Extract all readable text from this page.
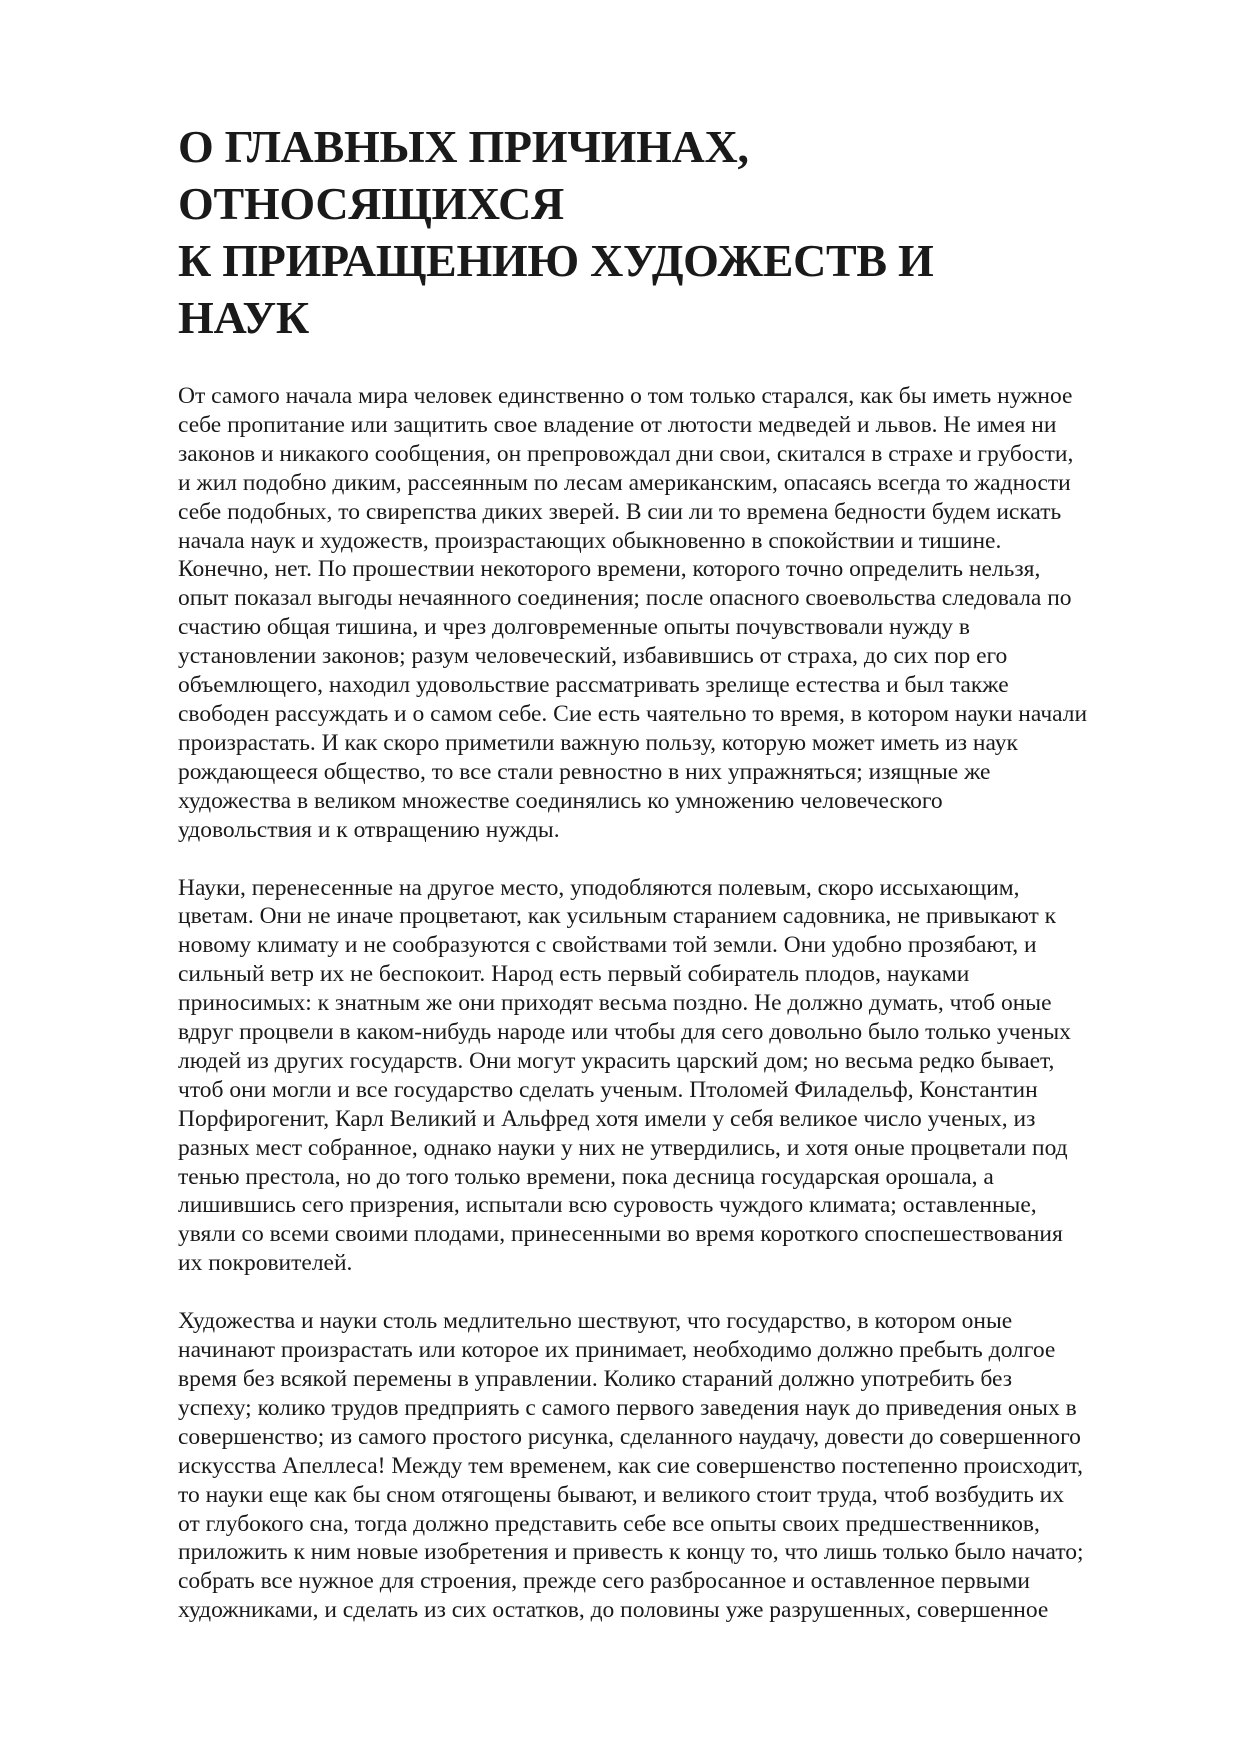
О ГЛАВНЫХ ПРИЧИНАХ,
ОТНОСЯЩИХСЯ
К ПРИРАЩЕНИЮ ХУДОЖЕСТВ И
НАУК

От самого начала мира человек единственно о том только старался, как бы иметь нужное
себе пропитание или защитить свое владение от лютости медведей и львов. Не имея ни
законов и никакого сообщения, он препровождал дни свои, скитался в страхе и грубости,
и жил подобно диким, рассеянным по лесам американским, опасаясь всегда то жадности
себе подобных, то свирепства диких зверей. В сии ли то времена бедности будем искать
начала наук и художеств, произрастающих обыкновенно в спокойствии и тишине.
Конечно, нет. По прошествии некоторого времени, которого точно определить нельзя,
опыт показал выгоды нечаянного соединения; после опасного своевольства следовала по
счастию общая тишина, и чрез долговременные опыты почувствовали нужду в
установлении законов; разум человеческий, избавившись от страха, до сих пор его
объемлющего, находил удовольствие рассматривать зрелище естества и был также
свободен рассуждать и о самом себе. Сие есть чаятельно то время, в котором науки начали
произрастать. И как скоро приметили важную пользу, которую может иметь из наук
рождающееся общество, то все стали ревностно в них упражняться; изящные же
художества в великом множестве соединялись ко умножению человеческого
удовольствия и к отвращению нужды.

Науки, перенесенные на другое место, уподобляются полевым, скоро иссыхающим,
цветам. Они не иначе процветают, как усильным старанием садовника, не привыкают к
новому климату и не сообразуются с свойствами той земли. Они удобно прозябают, и
сильный ветр их не беспокоит. Народ есть первый собиратель плодов, науками
приносимых: к знатным же они приходят весьма поздно. Не должно думать, чтоб оные
вдруг процвели в каком-нибудь народе или чтобы для сего довольно было только ученых
людей из других государств. Они могут украсить царский дом; но весьма редко бывает,
чтоб они могли и все государство сделать ученым. Птоломей Филадельф, Константин
Порфирогенит, Карл Великий и Альфред хотя имели у себя великое число ученых, из
разных мест собранное, однако науки у них не утвердились, и хотя оные процветали под
тенью престола, но до того только времени, пока десница государская орошала, а
лишившись сего призрения, испытали всю суровость чуждого климата; оставленные,
увяли со всеми своими плодами, принесенными во время короткого споспешествования
их покровителей.

Художества и науки столь медлительно шествуют, что государство, в котором оные
начинают произрастать или которое их принимает, необходимо должно пребыть долгое
время без всякой перемены в управлении. Колико стараний должно употребить без
успеху; колико трудов предприять с самого первого заведения наук до приведения оных в
совершенство; из самого простого рисунка, сделанного наудачу, довести до совершенного
искусства Апеллеса! Между тем временем, как сие совершенство постепенно происходит,
то науки еще как бы сном отягощены бывают, и великого стоит труда, чтоб возбудить их
от глубокого сна, тогда должно представить себе все опыты своих предшественников,
приложить к ним новые изобретения и привесть к концу то, что лишь только было начато;
собрать все нужное для строения, прежде сего разбросанное и оставленное первыми
художниками, и сделать из сих остатков, до половины уже разрушенных, совершенное
